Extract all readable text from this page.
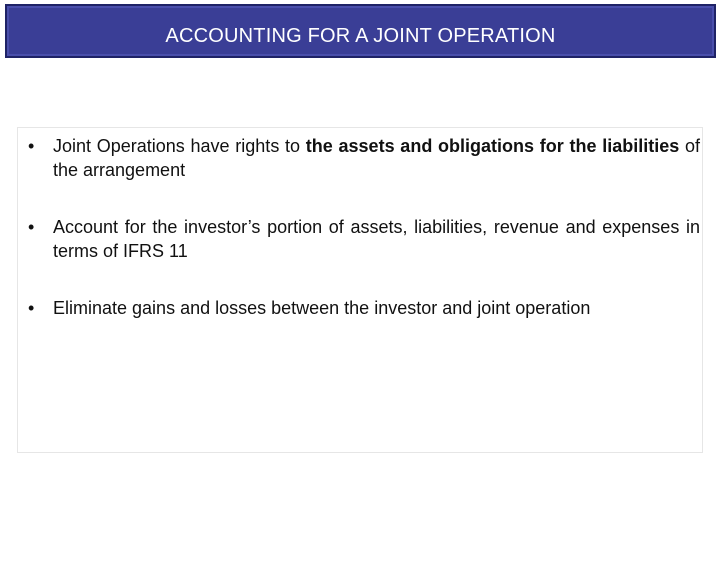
ACCOUNTING FOR A JOINT OPERATION
•	Joint Operations have rights to the assets and obligations for the liabilities of the arrangement
•	Account for the investor’s portion of assets, liabilities, revenue and expenses in terms of IFRS 11
•	Eliminate gains and losses between the investor and joint operation
